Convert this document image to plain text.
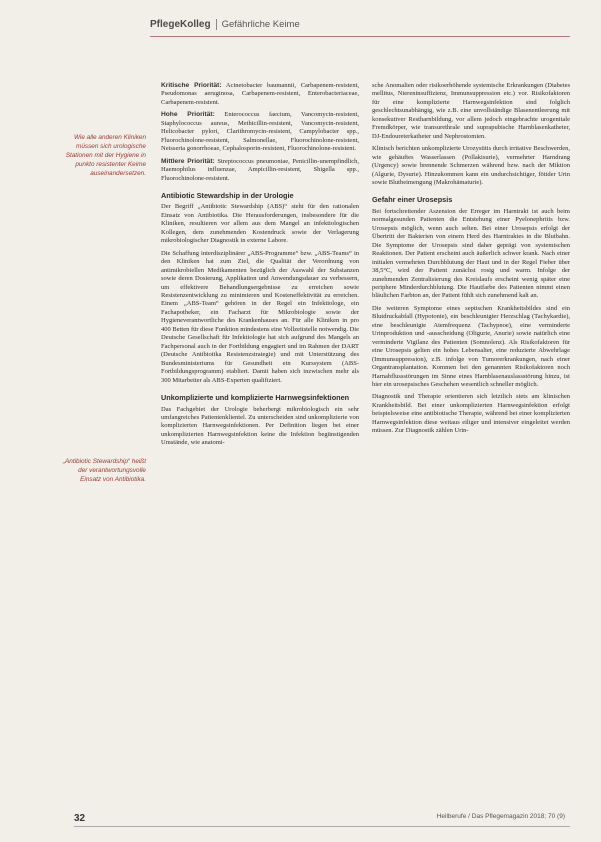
PflegeKolleg Gefährliche Keime
Wie alle anderen Kliniken müssen sich urologische Stationen mit der Hygiene in punkto resistenter Keime auseinandersetzen.
„Antibiotic Stewardship“ heißt der verantwortungsvolle Einsatz von Antibiotika.

Kritische Priorität: Acinetobacter baumannii, Carbapenem-resistent, Pseudomonas aeruginosa, Carbapenem-resistent, Enterobacteriaceae, Carbapenem-resistent.

Hohe Priorität: Enterococcus faecium, Vancomycin-resistent, Staphylococcus aureus, Methicillin-resistent, Vancomycin-resistent, Helicobacter pylori, Clarithromycin-resistent, Campylobacter spp., Fluorochinolone-resistent, Salmonellae, Fluorochinolone-resistent, Neisseria gonorrhoeae, Cephalosporin-resistent, Fluorochinolone-resistent.

Mittlere Priorität: Streptococcus pneumoniae, Penicillin-unempfindlich, Haemophilus influenzae, Ampicillin-resistent, Shigella spp., Fluorochinolone-resistent.

Antibiotic Stewardship in der Urologie

Der Begriff „Antibiotic Stewardship (ABS)“ steht für den rationalen Einsatz von Antibiotika. Die Herausforderungen, insbesondere für die Kliniken, resultieren vor allem aus dem Mangel an infektiologischen Kollegen, dem zunehmenden Kostendruck sowie der Verlagerung mikrobiologischer Diagnostik in externe Labore.

Die Schaffung interdisziplinärer „ABS-Programme“ bzw. „ABS-Teams“ in den Kliniken hat zum Ziel, die Qualität der Verordnung von antimikrobiellen Medikamenten bezüglich der Auswahl der Substanzen sowie deren Dosierung, Applikation und Anwendungsdauer zu verbessern, um effektivere Behandlungsergebnisse zu erreichen sowie Resistenzentwicklung zu minimieren und Kosteneffektivität zu erreichen. Einem „ABS-Team“ gehören in der Regel ein Infektiologe, ein Fachapotheker, ein Facharzt für Mikrobiologie sowie der Hygieneverantwortliche des Krankenhauses an. Für alle Kliniken in pro 400 Betten für diese Funktion mindestens eine Vollzeitstelle notwendig. Die Deutsche Gesellschaft für Infektiologie hat sich aufgrund des Mangels an Fachpersonal auch in der Fortbildung engagiert und im Rahmen der DART (Deutsche Antibiotika Resistenzstrategie) und mit Unterstützung des Bundesministeriums für Gesundheit ein Kurssystem (ABS-Fortbildungsprogramm) etabliert. Damit haben sich inzwischen mehr als 300 Mitarbeiter als ABS-Experten qualifiziert.

Unkomplizierte und komplizierte Harnwegsinfektionen

Das Fachgebiet der Urologie beherbergt mikrobiologisch ein sehr umfangreiches Patientenklientel. Zu unterscheiden sind unkomplizierte von komplizierten Harnwegsinfektionen. Per Definition liegen bei einer unkomplizierten Harnwegsinfektion keine die Infektion begünstigenden Umstände, wie anatomi-

sche Anomalien oder risikoerhöhende systemische Erkrankungen (Diabetes mellitus, Niereninsuffizienz, Immunsuppression etc.) vor. Risikofaktoren für eine komplizierte Harnwegsinfektion sind folglich geschlechtsunabhängig, wie z.B. eine unvollständige Blasenentleerung mit konsekutiver Restharnbildung, vor allem jedoch eingebrachte urogenitale Fremdkörper, wie transurethrale und suprapubische Harnblasenkatheter, DJ-Endoureterkatheter und Nephrostomien.

Klinisch berichten unkomplizierte Urozystitis durch irritative Beschwerden, wie gehäuftes Wasserlassen (Pollakisurie), vermehrter Harndrang (Urgency) sowie brennende Schmerzen während bzw. nach der Miktion (Algurie, Dysurie). Hinzukommen kann ein undurchsichtiger, fötider Urin sowie Blutbeimengung (Makrohämaturie).

Gefahr einer Urosepsis

Bei fortschreitender Aszension der Erreger im Harntrakt ist auch beim normalgesunden Patienten die Entstehung einer Pyelonephritis bzw. Urosepsis möglich, wenn auch selten. Bei einer Urosepsis erfolgt der Übertritt der Bakterien von einem Herd des Harntraktes in die Blutbahn. Die Symptome der Urosepsis sind daher geprägt von systemischen Reaktionen. Der Patient erscheint auch äußerlich schwer krank. Nach einer initialen vermehrten Durchblutung der Haut und in der Regel Fieber über 38,5°C, wird der Patient zunächst rosig und warm. Infolge der zunehmenden Zentralisierung des Kreislaufs erscheint wenig später eine periphere Minderdurchblutung. Die Hautfarbe des Patienten nimmt einen bläulichen Farbton an, der Patient fühlt sich zunehmend kalt an.

Die weiteren Symptome eines septischen Krankheitsbildes sind ein Blutdruckabfall (Hypotonie), ein beschleunigter Herzschlag (Tachykardie), eine beschleunigte Atemfrequenz (Tachypnoe), eine verminderte Urinproduktion und -ausscheidung (Oligurie, Anurie) sowie natürlich eine verminderte Vigilanz des Patienten (Somnolenz). Als Risikofaktoren für eine Urosepsis gelten ein hohes Lebensalter, eine reduzierte Abwehrlage (Immunsuppression), z.B. infolge von Tumorerkrankungen, nach einer Organtransplantation. Kommen bei den genannten Risikofaktoren noch Harnabflussstörungen im Sinne eines Harnblasenauslassstörung hinzu, ist hier ein urosepsisches Geschehen wesentlich schneller möglich.

Diagnostik und Therapie orientieren sich letztlich stets am klinischen Krankheitsbild. Bei einer unkomplizierten Harnwegsinfektion erfolgt beispielsweise eine antibiotische Therapie, während bei einer komplizierten Harnwegsinfektion diese weitaus eiliger und intensiver eingeleitet werden müssen. Zur Diagnostik zählen Urin-

32	Heilberufe / Das Pflegemagazin 2018; 70 (9)
